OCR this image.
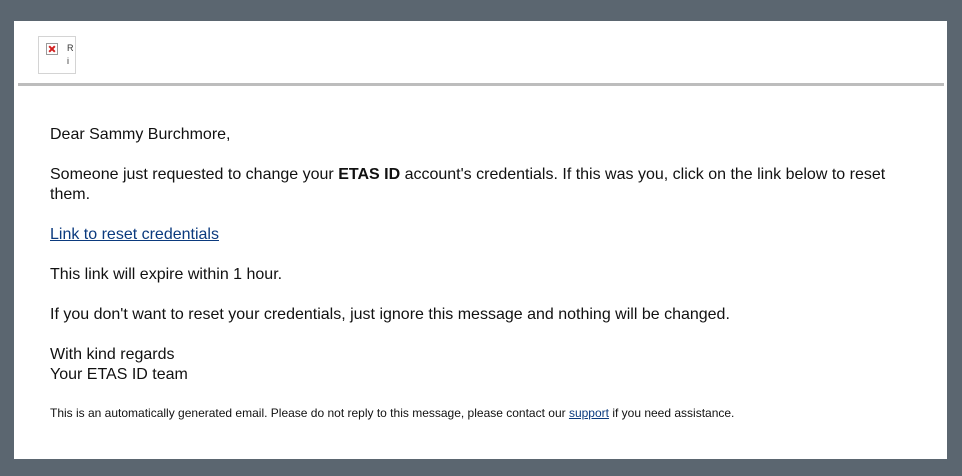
R
i

Dear Sammy Burchmore,

Someone just requested to change your ETAS ID account's credentials. If this was you, click on the link below to reset them.

Link to reset credentials

This link will expire within 1 hour.

If you don't want to reset your credentials, just ignore this message and nothing will be changed.

With kind regards
Your ETAS ID team

This is an automatically generated email. Please do not reply to this message, please contact our support if you need assistance.
